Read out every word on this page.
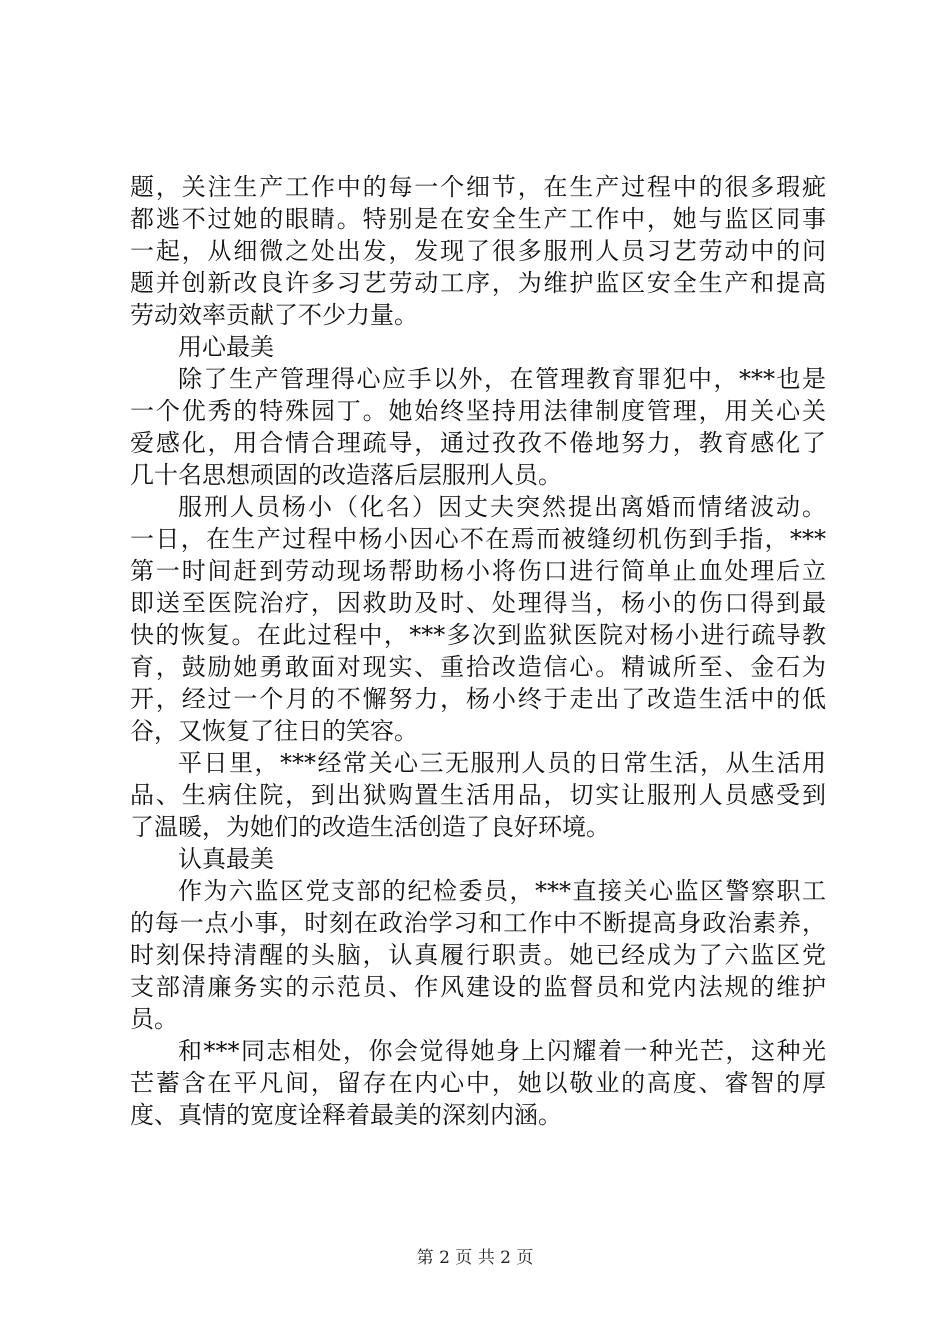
题，关注生产工作中的每一个细节，在生产过程中的很多瑕疵
都逃不过她的眼睛。特别是在安全生产工作中，她与监区同事
一起，从细微之处出发，发现了很多服刑人员习艺劳动中的问
题并创新改良许多习艺劳动工序，为维护监区安全生产和提高
劳动效率贡献了不少力量。
用心最美
除了生产管理得心应手以外，在管理教育罪犯中，***也是
一个优秀的特殊园丁。她始终坚持用法律制度管理，用关心关
爱感化，用合情合理疏导，通过孜孜不倦地努力，教育感化了
几十名思想顽固的改造落后层服刑人员。
服刑人员杨小（化名）因丈夫突然提出离婚而情绪波动。
一日，在生产过程中杨小因心不在焉而被缝纫机伤到手指，***
第一时间赶到劳动现场帮助杨小将伤口进行简单止血处理后立
即送至医院治疗，因救助及时、处理得当，杨小的伤口得到最
快的恢复。在此过程中，***多次到监狱医院对杨小进行疏导教
育，鼓励她勇敢面对现实、重拾改造信心。精诚所至、金石为
开，经过一个月的不懈努力，杨小终于走出了改造生活中的低
谷，又恢复了往日的笑容。
平日里，***经常关心三无服刑人员的日常生活，从生活用
品、生病住院，到出狱购置生活用品，切实让服刑人员感受到
了温暖，为她们的改造生活创造了良好环境。
认真最美
作为六监区党支部的纪检委员，***直接关心监区警察职工
的每一点小事，时刻在政治学习和工作中不断提高身政治素养，
时刻保持清醒的头脑，认真履行职责。她已经成为了六监区党
支部清廉务实的示范员、作风建设的监督员和党内法规的维护
员。
和***同志相处，你会觉得她身上闪耀着一种光芒，这种光
芒蓄含在平凡间，留存在内心中，她以敬业的高度、睿智的厚
度、真情的宽度诠释着最美的深刻内涵。
第 2 页 共 2 页
